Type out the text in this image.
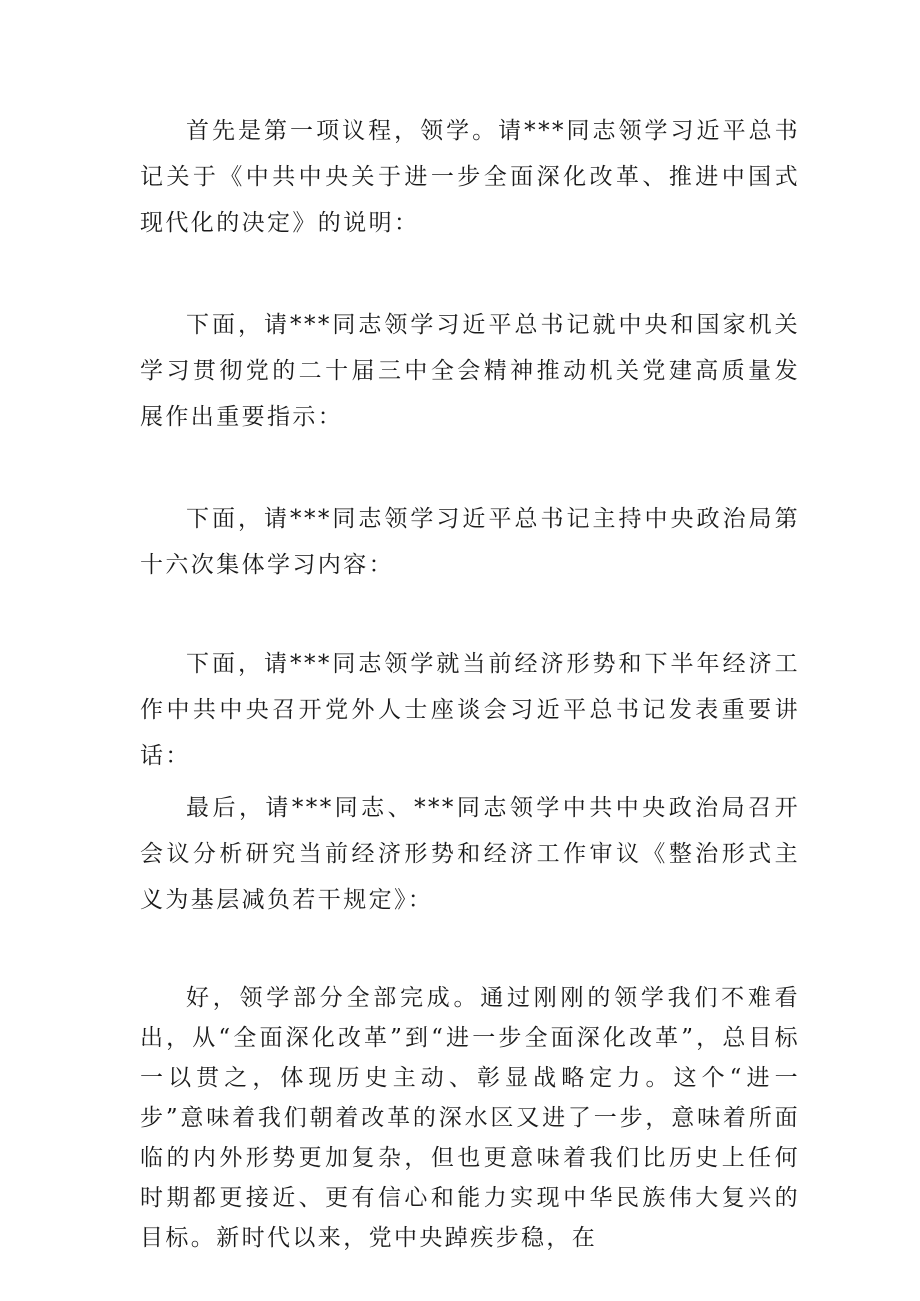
首先是第一项议程，领学。请***同志领学习近平总书记关于《中共中央关于进一步全面深化改革、推进中国式现代化的决定》的说明：

下面，请***同志领学习近平总书记就中央和国家机关学习贯彻党的二十届三中全会精神推动机关党建高质量发展作出重要指示：

下面，请***同志领学习近平总书记主持中央政治局第十六次集体学习内容：

下面，请***同志领学就当前经济形势和下半年经济工作中共中央召开党外人士座谈会习近平总书记发表重要讲话：

最后，请***同志、***同志领学中共中央政治局召开会议分析研究当前经济形势和经济工作审议《整治形式主义为基层减负若干规定》：

好，领学部分全部完成。通过刚刚的领学我们不难看出，从“全面深化改革”到“进一步全面深化改革”，总目标一以贯之，体现历史主动、彰显战略定力。这个“进一步”意味着我们朝着改革的深水区又进了一步，意味着所面临的内外形势更加复杂，但也更意味着我们比历史上任何时期都更接近、更有信心和能力实现中华民族伟大复兴的目标。新时代以来，党中央踔疾步稳，在
